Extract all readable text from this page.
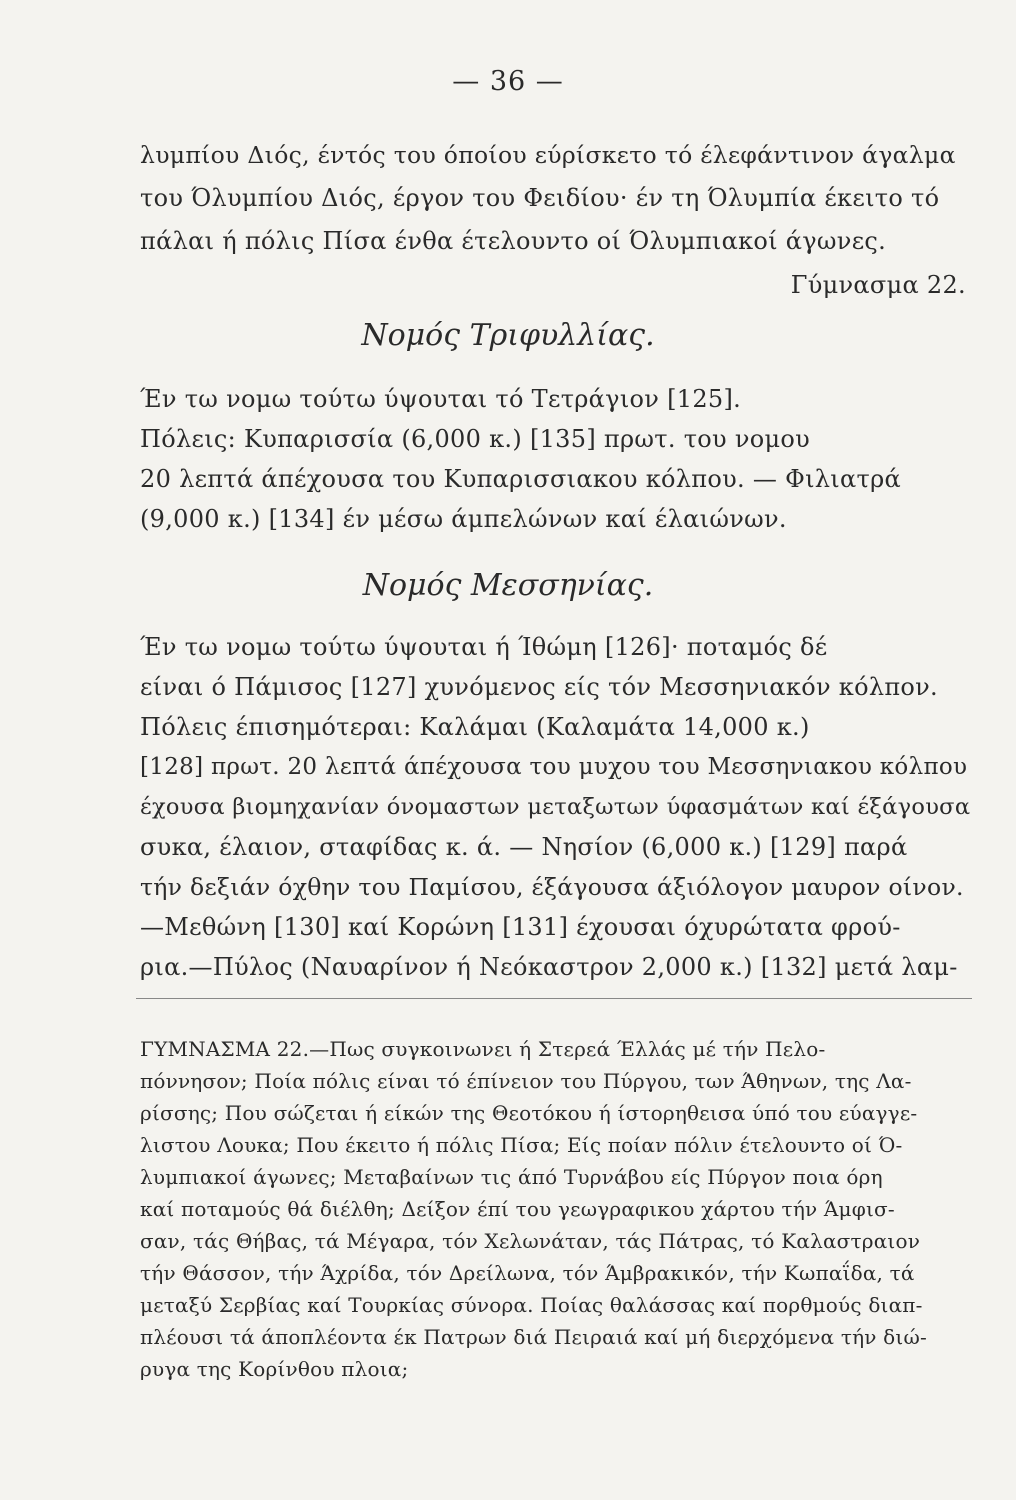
— 36 —

λυμπίου Διός, έντός του όποίου εύρίσκετο τό έλεφάντινον άγαλμα

του Όλυμπίου Διός, έργον του Φειδίου· έν τη Όλυμπία έκειτο τό

πάλαι ή πόλις Πίσα ένθα έτελουντο οί Όλυμπιακοί άγωνες.

Γύμνασμα 22.

Νομός Τριφυλλίας.

Έν τω νομω τούτω ύψουται τό Τετράγιον [125].

Πόλεις: Κυπαρισσία (6,000 κ.) [135] πρωτ. του νομου

20 λεπτά άπέχουσα του Κυπαρισσιακου κόλπου. — Φιλιατρά

(9,000 κ.) [134] έν μέσω άμπελώνων καί έλαιώνων.

Νομός Μεσσηνίας.

Έν τω νομω τούτω ύψουται ή Ίθώμη [126]· ποταμός δέ

είναι ό Πάμισος [127] χυνόμενος είς τόν Μεσσηνιακόν κόλπον.

Πόλεις έπισημότεραι: Καλάμαι (Καλαμάτα 14,000 κ.)

[128] πρωτ. 20 λεπτά άπέχουσα του μυχου του Μεσσηνιακου κόλπου

έχουσα βιομηχανίαν όνομαστων μεταξωτων ύφασμάτων καί έξάγουσα

συκα, έλαιον, σταφίδας κ. ά. — Νησίον (6,000 κ.) [129] παρά

τήν δεξιάν όχθην του Παμίσου, έξάγουσα άξιόλογον μαυρον οίνον.

—Μεθώνη [130] καί Κορώνη [131] έχουσαι όχυρώτατα φρού-

ρια.—Πύλος (Ναυαρίνον ή Νεόκαστρον 2,000 κ.) [132] μετά λαμ-

ΓΥΜΝΑΣΜΑ 22.—Πως συγκοινωνει ή Στερεά Έλλάς μέ τήν Πελο-

πόννησον; Ποία πόλις είναι τό έπίνειον του Πύργου, των Άθηνων, της Λα-

ρίσσης; Που σώζεται ή είκών της Θεοτόκου ή ίστορηθεισα ύπό του εύαγγε-

λιστου Λουκα; Που έκειτο ή πόλις Πίσα; Είς ποίαν πόλιν έτελουντο οί Ό-

λυμπιακοί άγωνες; Μεταβαίνων τις άπό Τυρνάβου είς Πύργον ποια όρη

καί ποταμούς θά διέλθη; Δείξον έπί του γεωγραφικου χάρτου τήν Άμφισ-

σαν, τάς Θήβας, τά Μέγαρα, τόν Χελωνάταν, τάς Πάτρας, τό Καλαστραιον

τήν Θάσσον, τήν Άχρίδα, τόν Δρείλωνα, τόν Άμβρακικόν, τήν Κωπαΐδα, τά

μεταξύ Σερβίας καί Τουρκίας σύνορα. Ποίας θαλάσσας καί πορθμούς διαπ-

πλέουσι τά άποπλέοντα έκ Πατρων διά Πειραιά καί μή διερχόμενα τήν διώ-

ρυγα της Κορίνθου πλοια;
